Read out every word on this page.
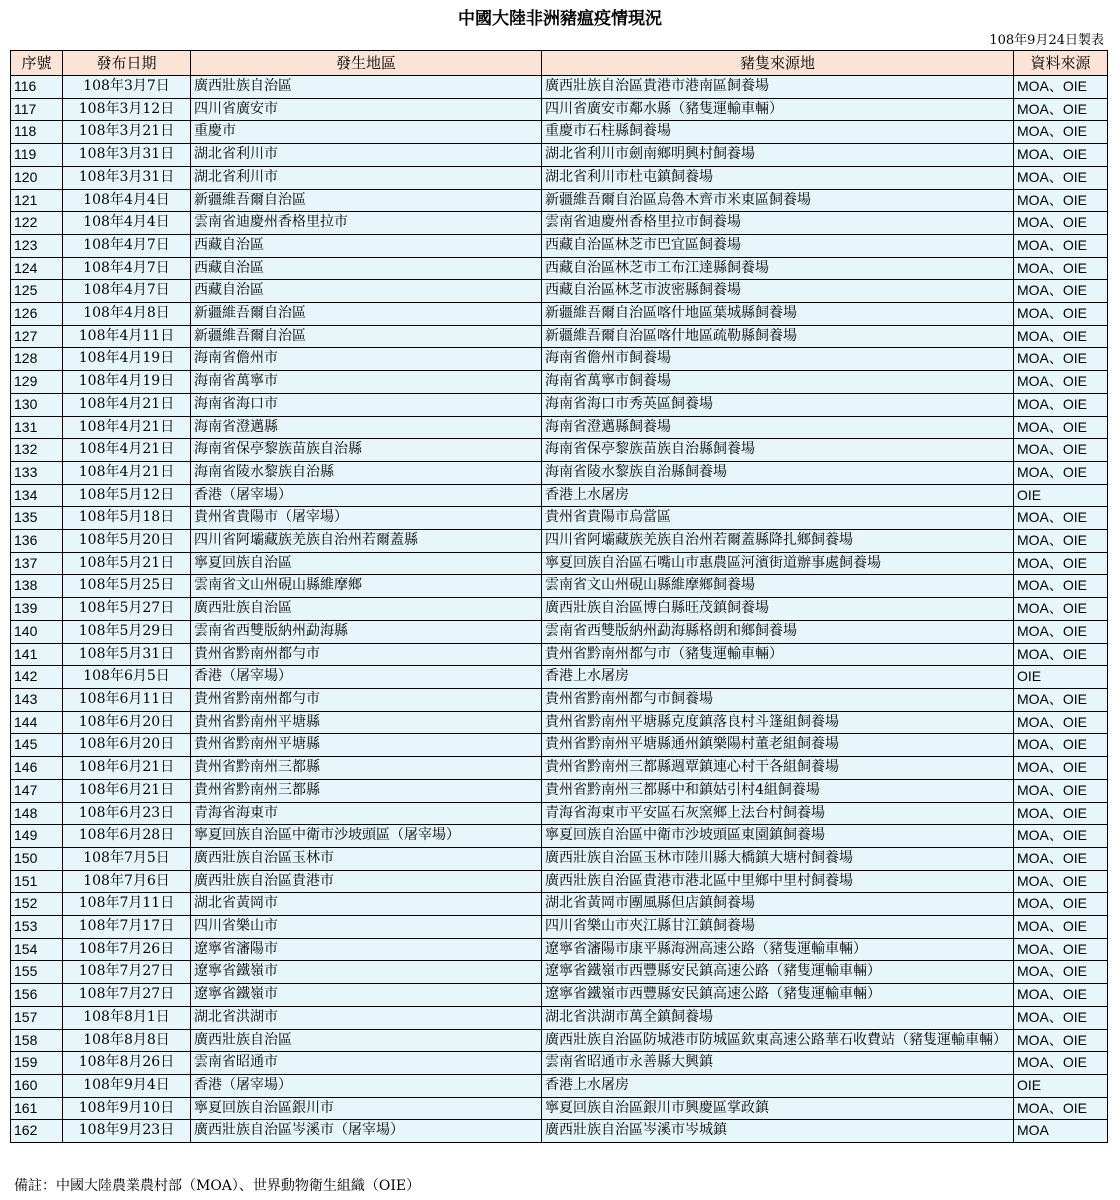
中國大陸非洲豬瘟疫情現況
108年9月24日製表
序號	發布日期	發生地區	豬隻來源地	資料來源
116	108年3月7日	廣西壯族自治區	廣西壯族自治區貴港市港南區飼養場	MOA、OIE
117	108年3月12日	四川省廣安市	四川省廣安市鄰水縣（豬隻運輸車輛）	MOA、OIE
118	108年3月21日	重慶市	重慶市石柱縣飼養場	MOA、OIE
119	108年3月31日	湖北省利川市	湖北省利川市劍南鄉明興村飼養場	MOA、OIE
120	108年3月31日	湖北省利川市	湖北省利川市杜屯鎮飼養場	MOA、OIE
121	108年4月4日	新疆維吾爾自治區	新疆維吾爾自治區烏魯木齊市米東區飼養場	MOA、OIE
122	108年4月4日	雲南省迪慶州香格里拉市	雲南省迪慶州香格里拉市飼養場	MOA、OIE
123	108年4月7日	西藏自治區	西藏自治區林芝市巴宜區飼養場	MOA、OIE
124	108年4月7日	西藏自治區	西藏自治區林芝市工布江達縣飼養場	MOA、OIE
125	108年4月7日	西藏自治區	西藏自治區林芝市波密縣飼養場	MOA、OIE
126	108年4月8日	新疆維吾爾自治區	新疆維吾爾自治區喀什地區葉城縣飼養場	MOA、OIE
127	108年4月11日	新疆維吾爾自治區	新疆維吾爾自治區喀什地區疏勒縣飼養場	MOA、OIE
128	108年4月19日	海南省儋州市	海南省儋州市飼養場	MOA、OIE
129	108年4月19日	海南省萬寧市	海南省萬寧市飼養場	MOA、OIE
130	108年4月21日	海南省海口市	海南省海口市秀英區飼養場	MOA、OIE
131	108年4月21日	海南省澄邁縣	海南省澄邁縣飼養場	MOA、OIE
132	108年4月21日	海南省保亭黎族苗族自治縣	海南省保亭黎族苗族自治縣飼養場	MOA、OIE
133	108年4月21日	海南省陵水黎族自治縣	海南省陵水黎族自治縣飼養場	MOA、OIE
134	108年5月12日	香港（屠宰場）	香港上水屠房	OIE
135	108年5月18日	貴州省貴陽市（屠宰場）	貴州省貴陽市烏當區	MOA、OIE
136	108年5月20日	四川省阿壩藏族羌族自治州若爾蓋縣	四川省阿壩藏族羌族自治州若爾蓋縣降扎鄉飼養場	MOA、OIE
137	108年5月21日	寧夏回族自治區	寧夏回族自治區石嘴山市惠農區河濱街道辦事處飼養場	MOA、OIE
138	108年5月25日	雲南省文山州硯山縣維摩鄉	雲南省文山州硯山縣維摩鄉飼養場	MOA、OIE
139	108年5月27日	廣西壯族自治區	廣西壯族自治區博白縣旺茂鎮飼養場	MOA、OIE
140	108年5月29日	雲南省西雙版納州勐海縣	雲南省西雙版納州勐海縣格朗和鄉飼養場	MOA、OIE
141	108年5月31日	貴州省黔南州都勻市	貴州省黔南州都勻市（豬隻運輸車輛）	MOA、OIE
142	108年6月5日	香港（屠宰場）	香港上水屠房	OIE
143	108年6月11日	貴州省黔南州都勻市	貴州省黔南州都勻市飼養場	MOA、OIE
144	108年6月20日	貴州省黔南州平塘縣	貴州省黔南州平塘縣克度鎮落良村斗篷組飼養場	MOA、OIE
145	108年6月20日	貴州省黔南州平塘縣	貴州省黔南州平塘縣通州鎮樂陽村董老組飼養場	MOA、OIE
146	108年6月21日	貴州省黔南州三都縣	貴州省黔南州三都縣週覃鎮連心村干各組飼養場	MOA、OIE
147	108年6月21日	貴州省黔南州三都縣	貴州省黔南州三都縣中和鎮姑引村4組飼養場	MOA、OIE
148	108年6月23日	青海省海東市	青海省海東市平安區石灰窯鄉上法台村飼養場	MOA、OIE
149	108年6月28日	寧夏回族自治區中衛市沙坡頭區（屠宰場）	寧夏回族自治區中衛市沙坡頭區東園鎮飼養場	MOA、OIE
150	108年7月5日	廣西壯族自治區玉林市	廣西壯族自治區玉林市陸川縣大橋鎮大塘村飼養場	MOA、OIE
151	108年7月6日	廣西壯族自治區貴港市	廣西壯族自治區貴港市港北區中里鄉中里村飼養場	MOA、OIE
152	108年7月11日	湖北省黃岡市	湖北省黃岡市團風縣但店鎮飼養場	MOA、OIE
153	108年7月17日	四川省樂山市	四川省樂山市夾江縣甘江鎮飼養場	MOA、OIE
154	108年7月26日	遼寧省瀋陽市	遼寧省瀋陽市康平縣海洲高速公路（豬隻運輸車輛）	MOA、OIE
155	108年7月27日	遼寧省鐵嶺市	遼寧省鐵嶺市西豐縣安民鎮高速公路（豬隻運輸車輛）	MOA、OIE
156	108年7月27日	遼寧省鐵嶺市	遼寧省鐵嶺市西豐縣安民鎮高速公路（豬隻運輸車輛）	MOA、OIE
157	108年8月1日	湖北省洪湖市	湖北省洪湖市萬全鎮飼養場	MOA、OIE
158	108年8月8日	廣西壯族自治區	廣西壯族自治區防城港市防城區欽東高速公路華石收費站（豬隻運輸車輛）	MOA、OIE
159	108年8月26日	雲南省昭通市	雲南省昭通市永善縣大興鎮	MOA、OIE
160	108年9月4日	香港（屠宰場）	香港上水屠房	OIE
161	108年9月10日	寧夏回族自治區銀川市	寧夏回族自治區銀川市興慶區掌政鎮	MOA、OIE
162	108年9月23日	廣西壯族自治區岑溪市（屠宰場）	廣西壯族自治區岑溪市岑城鎮	MOA
備註：中國大陸農業農村部（MOA）、世界動物衛生組織（OIE）
